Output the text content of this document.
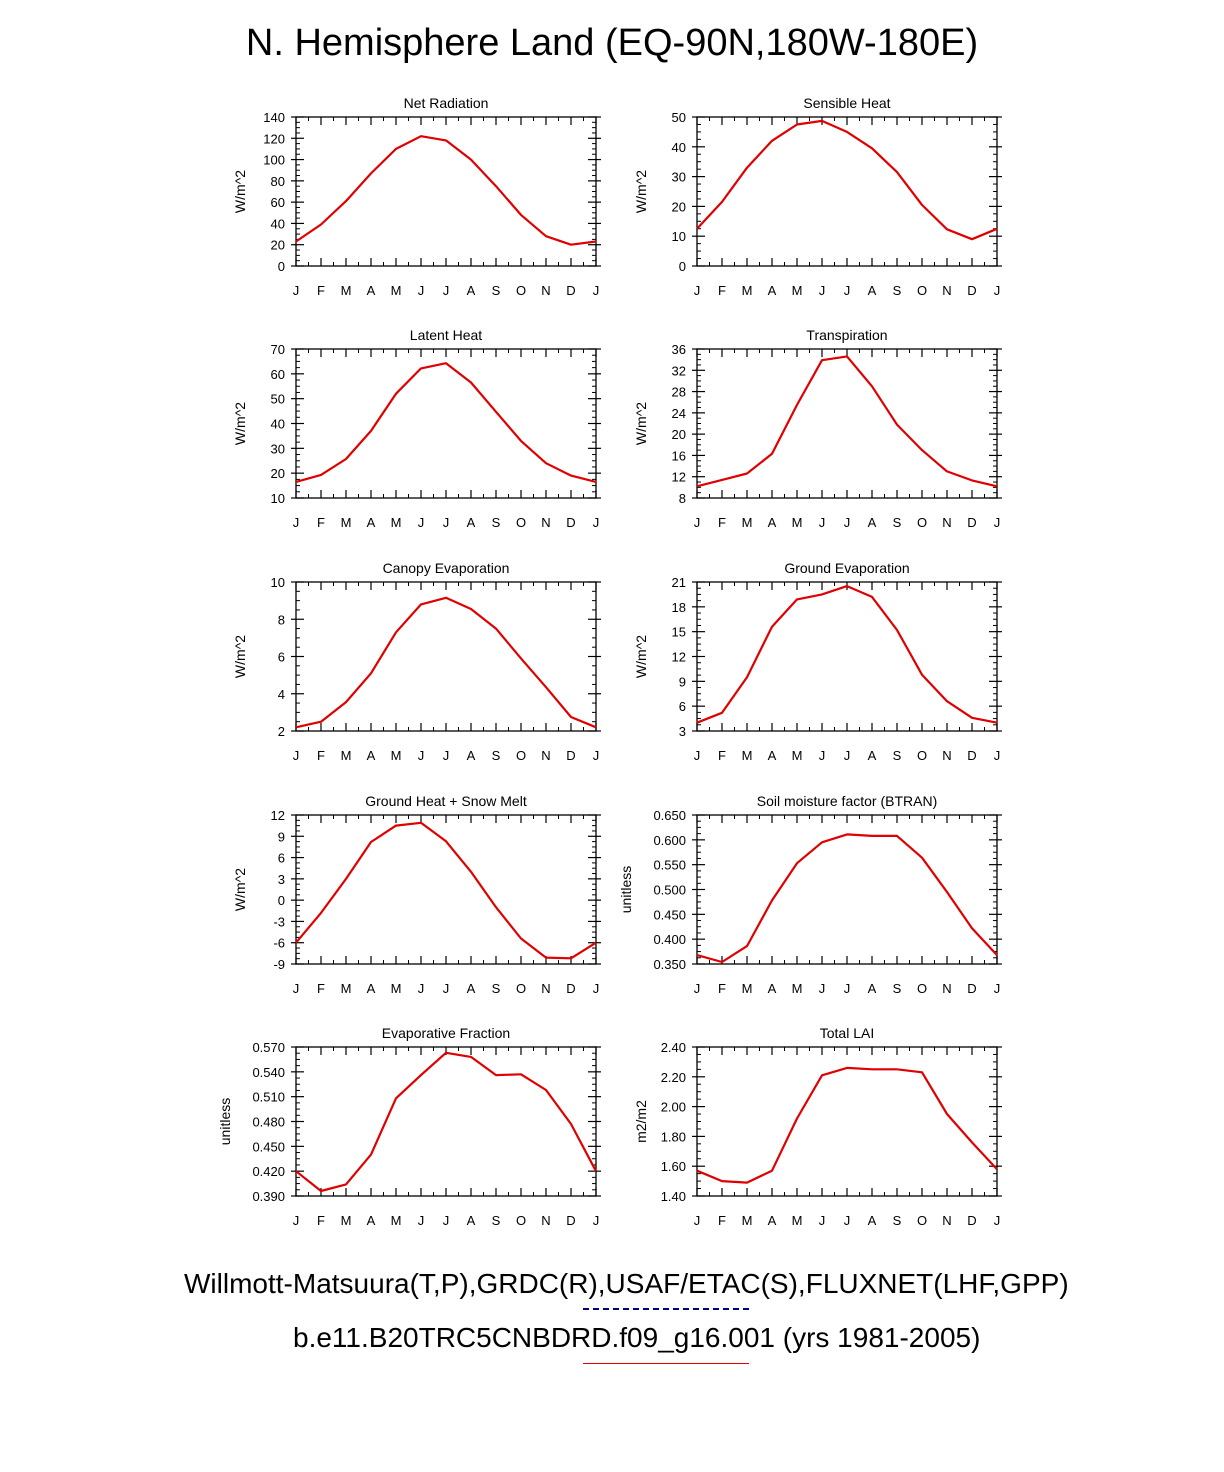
N. Hemisphere Land (EQ-90N,180W-180E)
J F M A M J J A S O N D J
0
20
40
60
80
100
120
140
Net Radiation
W/m^2
J F M A M J J A S O N D J
0
10
20
30
40
50
Sensible Heat
W/m^2
J F M A M J J A S O N D J
10
20
30
40
50
60
70
Latent Heat
W/m^2
J F M A M J J A S O N D J
8
12
16
20
24
28
32
36
Transpiration
W/m^2
J F M A M J J A S O N D J
2
4
6
8
10
Canopy Evaporation
W/m^2
J F M A M J J A S O N D J
3
6
9
12
15
18
21
Ground Evaporation
W/m^2
J F M A M J J A S O N D J
-9
-6
-3
0
3
6
9
12
Ground Heat + Snow Melt
W/m^2
J F M A M J J A S O N D J
0.350
0.400
0.450
0.500
0.550
0.600
0.650
Soil moisture factor (BTRAN)
unitless
J F M A M J J A S O N D J
0.390
0.420
0.450
0.480
0.510
0.540
0.570
Evaporative Fraction
unitless
J F M A M J J A S O N D J
1.40
1.60
1.80
2.00
2.20
2.40
Total LAI
m2/m2
Willmott-Matsuura(T,P),GRDC(R),USAF/ETAC(S),FLUXNET(LHF,GPP)
b.e11.B20TRC5CNBDRD.f09_g16.001 (yrs 1981-2005)
